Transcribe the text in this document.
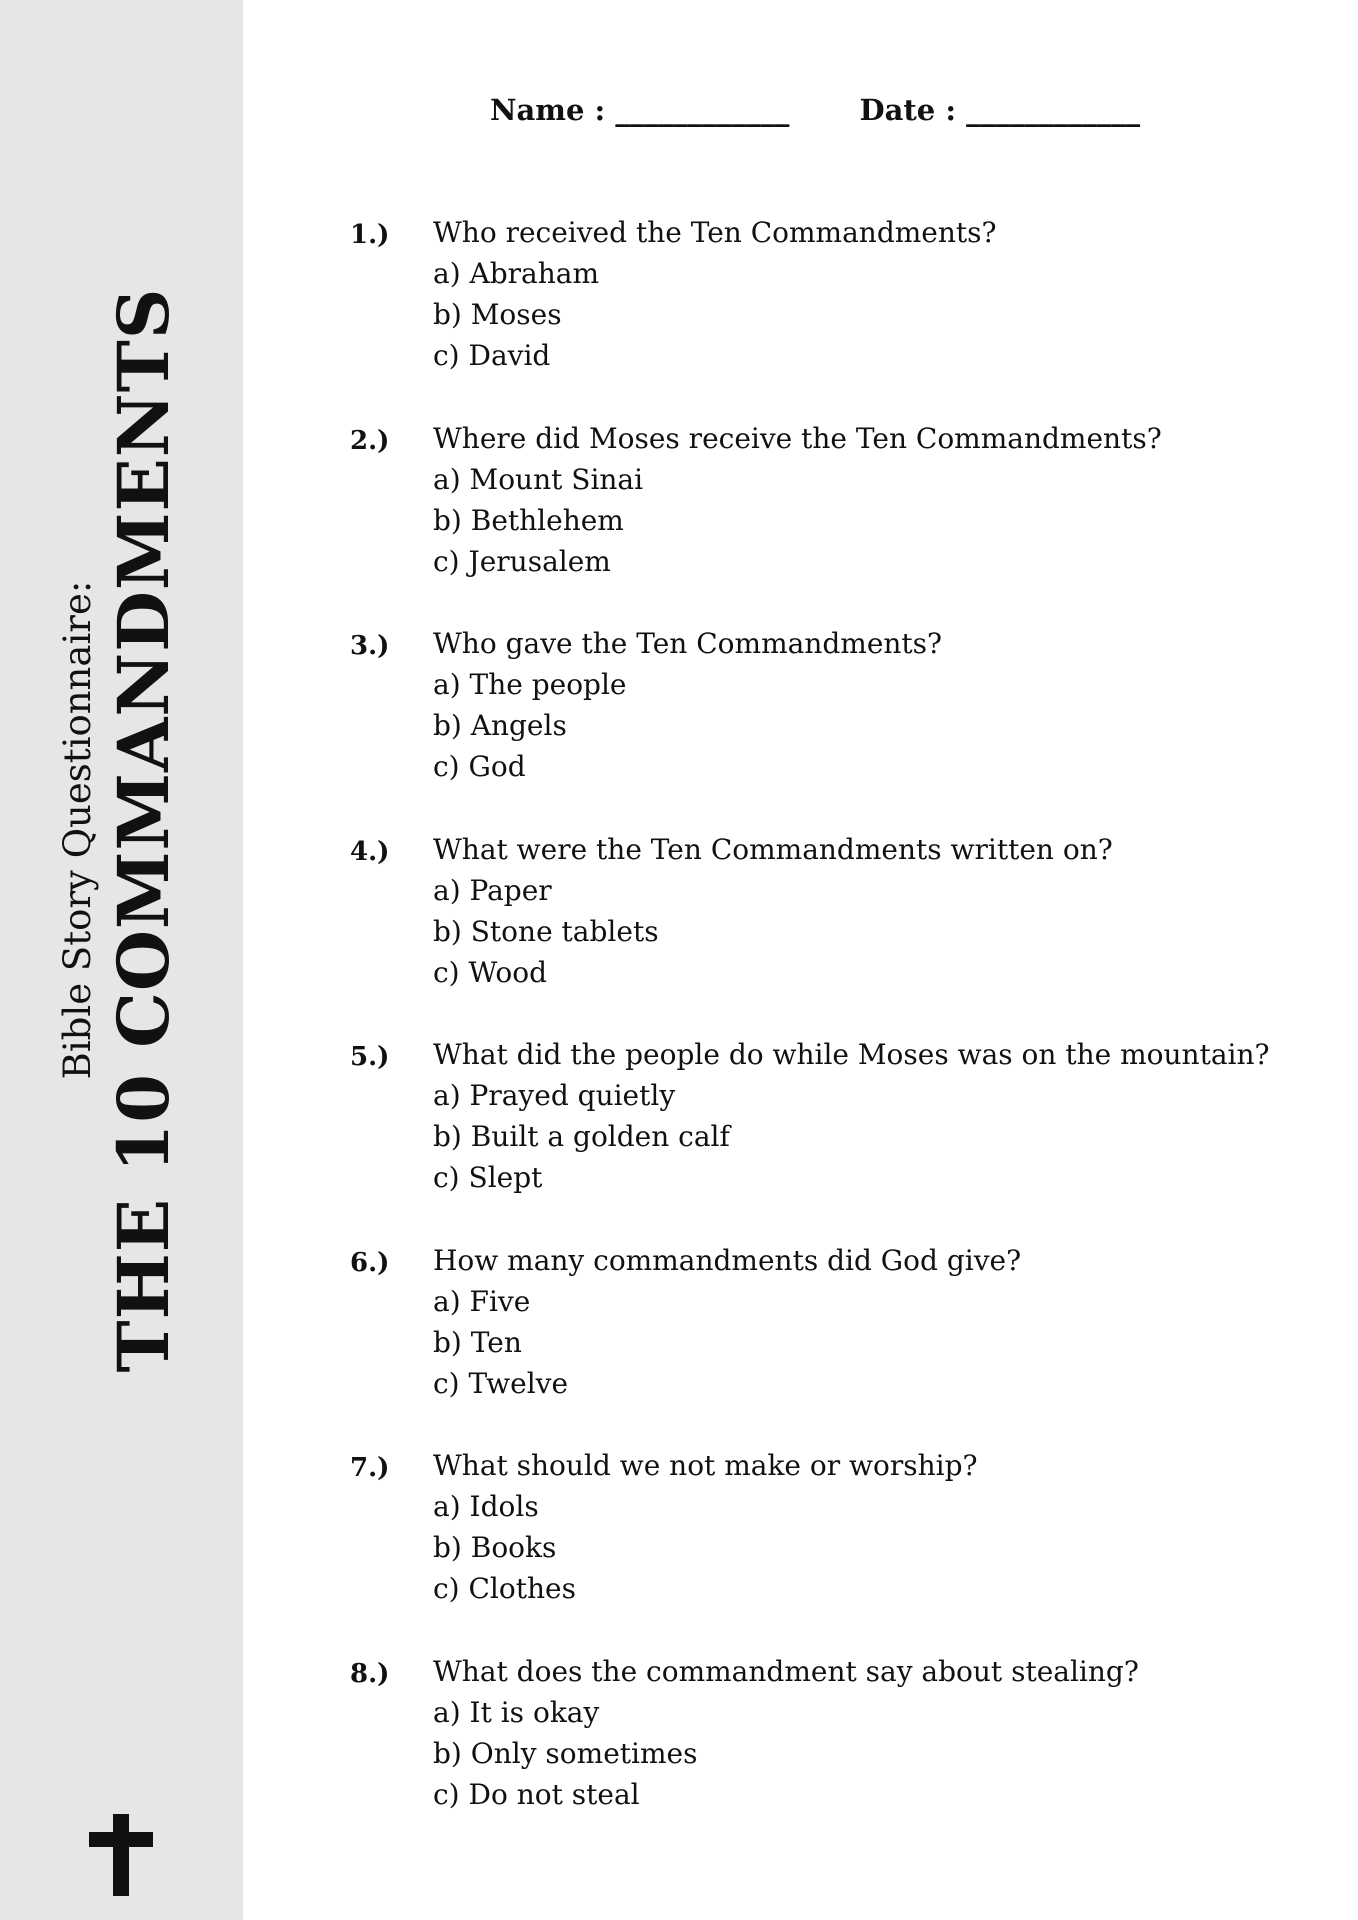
Bible Story Questionnaire: THE 10 COMMANDMENTS
Name : ____________ Date : ____________
1.) Who received the Ten Commandments?
a) Abraham
b) Moses
c) David
2.) Where did Moses receive the Ten Commandments?
a) Mount Sinai
b) Bethlehem
c) Jerusalem
3.) Who gave the Ten Commandments?
a) The people
b) Angels
c) God
4.) What were the Ten Commandments written on?
a) Paper
b) Stone tablets
c) Wood
5.) What did the people do while Moses was on the mountain?
a) Prayed quietly
b) Built a golden calf
c) Slept
6.) How many commandments did God give?
a) Five
b) Ten
c) Twelve
7.) What should we not make or worship?
a) Idols
b) Books
c) Clothes
8.) What does the commandment say about stealing?
a) It is okay
b) Only sometimes
c) Do not steal
